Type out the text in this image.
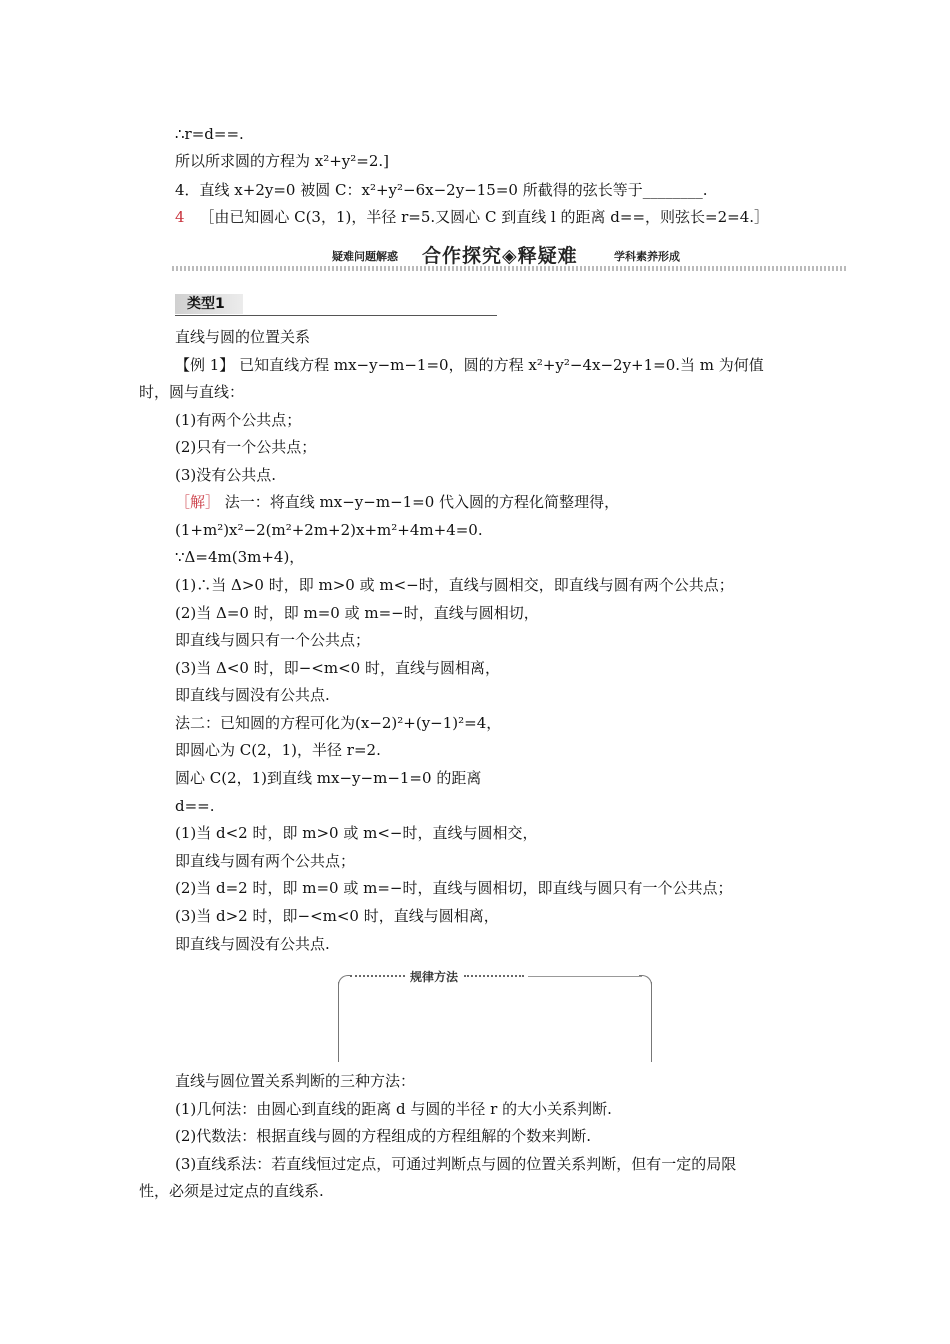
∴r=d==.
所以所求圆的方程为 x²+y²=2.]
4．直线 x+2y=0 被圆 C：x²+y²−6x−2y−15=0 所截得的弦长等于________.
4 ［由已知圆心 C(3，1)，半径 r=5.又圆心 C 到直线 l 的距离 d==，则弦长=2=4.］
疑难问题解惑 合作探究◈释疑难	学科素养形成
类型1
直线与圆的位置关系
【例 1】 已知直线方程 mx−y−m−1=0，圆的方程 x²+y²−4x−2y+1=0.当 m 为何值
时，圆与直线：
(1)有两个公共点；
(2)只有一个公共点；
(3)没有公共点.
［解］ 法一：将直线 mx−y−m−1=0 代入圆的方程化简整理得，
(1+m²)x²−2(m²+2m+2)x+m²+4m+4=0.
∵Δ=4m(3m+4)，
(1)∴当 Δ>0 时，即 m>0 或 m<−时，直线与圆相交，即直线与圆有两个公共点；
(2)当 Δ=0 时，即 m=0 或 m=−时，直线与圆相切，
即直线与圆只有一个公共点；
(3)当 Δ<0 时，即−<m<0 时，直线与圆相离，
即直线与圆没有公共点.
法二：已知圆的方程可化为(x−2)²+(y−1)²=4，
即圆心为 C(2，1)，半径 r=2.
圆心 C(2，1)到直线 mx−y−m−1=0 的距离
d==.
(1)当 d<2 时，即 m>0 或 m<−时，直线与圆相交，
即直线与圆有两个公共点；
(2)当 d=2 时，即 m=0 或 m=−时，直线与圆相切，即直线与圆只有一个公共点；
(3)当 d>2 时，即−<m<0 时，直线与圆相离，
即直线与圆没有公共点.
规律方法
直线与圆位置关系判断的三种方法：
(1)几何法：由圆心到直线的距离 d 与圆的半径 r 的大小关系判断.
(2)代数法：根据直线与圆的方程组成的方程组解的个数来判断.
(3)直线系法：若直线恒过定点，可通过判断点与圆的位置关系判断，但有一定的局限
性，必须是过定点的直线系.
